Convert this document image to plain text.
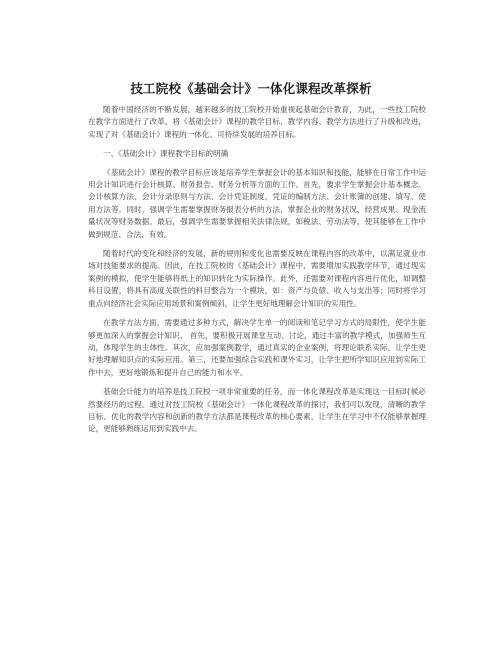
技工院校《基础会计》一体化课程改革探析

随着中国经济的不断发展，越来越多的技工院校开始重视起基础会计教育，为此，一些技工院校在教学方面进行了改革，将《基础会计》课程的教学目标、教学内容、教学方法进行了升级和改进，实现了对《基础会计》课程的一体化、可持续发展的培养目标。

一、《基础会计》课程教学目标的明确

《基础会计》课程的教学目标应该是培养学生掌握会计的基本知识和技能，能够在日常工作中运用会计知识进行会计核算、财务报告、财务分析等方面的工作。首先，要求学生掌握会计基本概念、会计核算方法、会计分录原则与方法、会计凭证制度，凭证的编制方法、会计账簿的创建、填写、使用方法等。同时，强调学生需要掌握财务报表分析的方法，掌握企业的财务状况、经营成果、现金流量状况等财务数据。最后，强调学生需要掌握相关法律法规，如税法、劳动法等，使其能够在工作中做到规范、合法、有效。

随着时代的变化和经济的发展，新的规则和变化也需要反映在课程内容的改革中，以满足就业市场对技能要求的提高。因此，在技工院校的《基础会计》课程中，需要增加实践教学环节，通过现实案例的模拟，使学生能够将纸上的知识转化为实际操作。此外，还需要对课程内容进行优化，如调整科目设置，将具有高度关联性的科目整合为一个模块，如：资产与负债、收入与支出等；同时将学习重点向经济社会实际应用场景和案例倾斜，让学生更好地理解会计知识的实用性。

在教学方法方面，需要通过多种方式，解决学生单一的阅读和笔记学习方式的局限性，使学生能够更加深入的掌握会计知识。 首先，要积极开展课堂互动、讨论，通过丰富的教学模式，加强师生互动，体现学生的主体性。其次，应加强案例教学，通过真实的企业案例，将理论联系实际，让学生更好地理解知识点的实际应用。第三，还要加强综合实践和课外实习，让学生把所学知识应用到实际工作中去，更好地锻炼和提升自己的能力和水平。

基础会计能力的培养是技工院校一项非常重要的任务，而一体化课程改革是实现这一目标时候必然要经历的过程。通过对技工院校《基础会计》一体化课程改革的探讨，我们可以发现，清晰的教学目标、优化的教学内容和创新的教学方法都是课程改革的核心要素，让学生在学习中不仅能够掌握理论，更能够熟练运用到实践中去。
